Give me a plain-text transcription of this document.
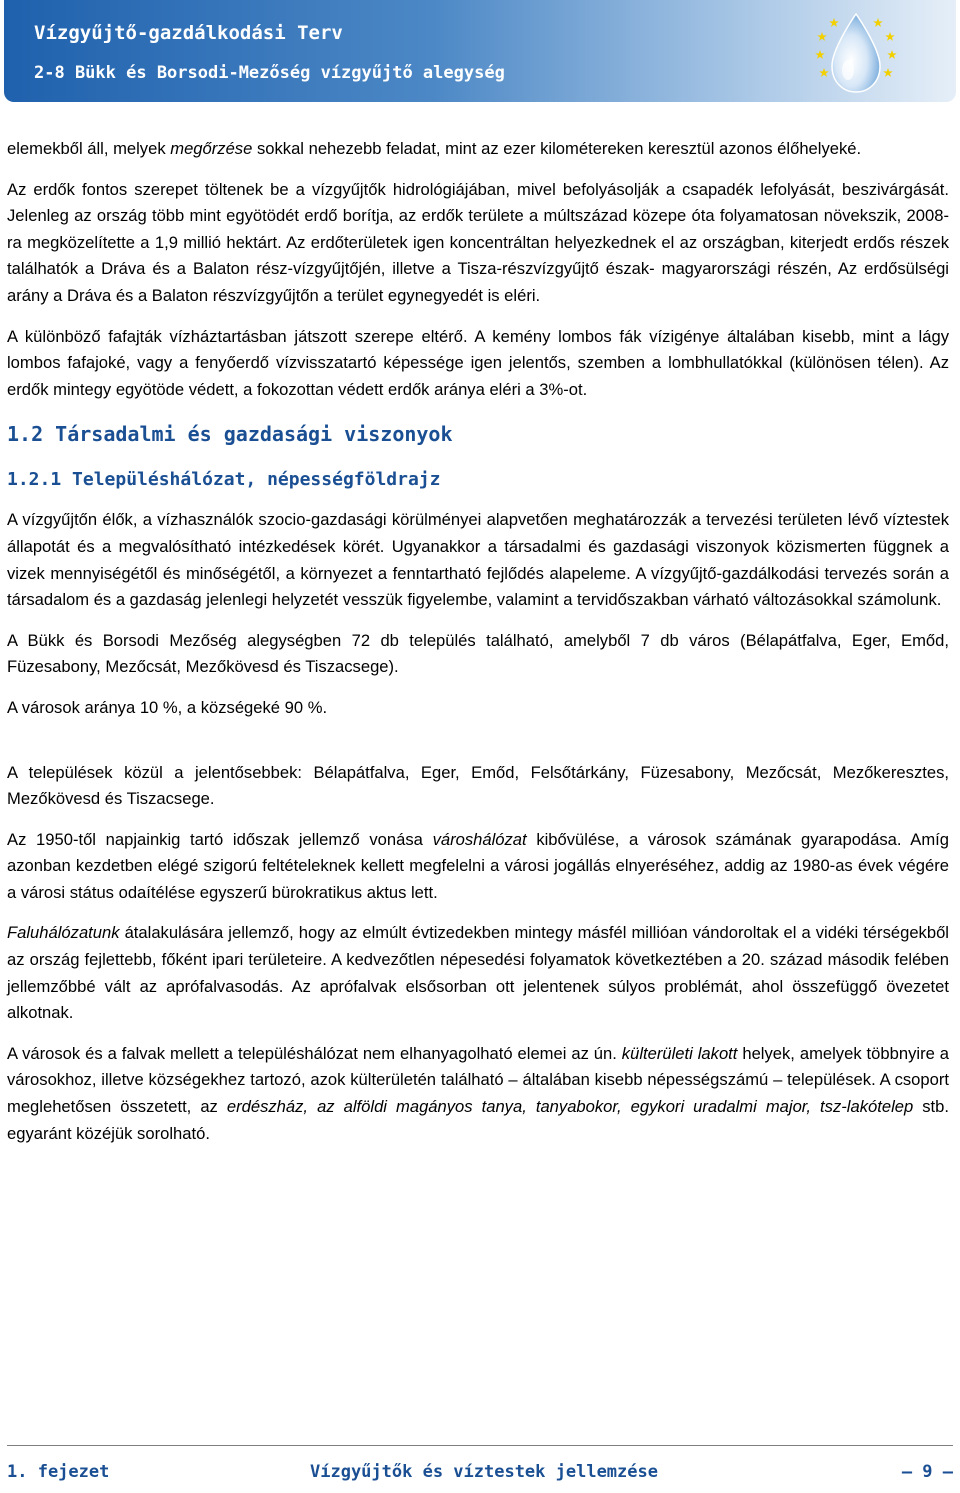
Vízgyűjtő-gazdálkodási Terv
2-8 Bükk és Borsodi-Mezőség vízgyűjtő alegység

elemekből áll, melyek megőrzése sokkal nehezebb feladat, mint az ezer kilométereken keresztül azonos élőhelyeké.

Az erdők fontos szerepet töltenek be a vízgyűjtők hidrológiájában, mivel befolyásolják a csapadék lefolyását, beszivárgását. Jelenleg az ország több mint egyötödét erdő borítja, az erdők területe a múltszázad közepe óta folyamatosan növekszik, 2008-ra megközelítette a 1,9 millió hektárt. Az erdőterületek igen koncentráltan helyezkednek el az országban, kiterjedt erdős részek találhatók a Dráva és a Balaton rész-vízgyűjtőjén, illetve a Tisza-részvízgyűjtő észak- magyarországi részén, Az erdősülségi arány a Dráva és a Balaton részvízgyűjtőn a terület egynegyedét is eléri.

A különböző fafajták vízháztartásban játszott szerepe eltérő. A kemény lombos fák vízigénye általában kisebb, mint a lágy lombos fafajoké, vagy a fenyőerdő vízvisszatartó képessége igen jelentős, szemben a lombhullatókkal (különösen télen). Az erdők mintegy egyötöde védett, a fokozottan védett erdők aránya eléri a 3%-ot.

1.2 Társadalmi és gazdasági viszonyok
1.2.1 Településhálózat, népességföldrajz

A vízgyűjtőn élők, a vízhasználók szocio-gazdasági körülményei alapvetően meghatározzák a tervezési területen lévő víztestek állapotát és a megvalósítható intézkedések körét. Ugyanakkor a társadalmi és gazdasági viszonyok közismerten függnek a vizek mennyiségétől és minőségétől, a környezet a fenntartható fejlődés alapeleme. A vízgyűjtő-gazdálkodási tervezés során a társadalom és a gazdaság jelenlegi helyzetét vesszük figyelembe, valamint a tervidőszakban várható változásokkal számolunk.

A Bükk és Borsodi Mezőség alegységben 72 db település található, amelyből 7 db város (Bélapátfalva, Eger, Emőd, Füzesabony, Mezőcsát, Mezőkövesd és Tiszacsege).

A városok aránya 10 %, a községeké 90 %.

A települések közül a jelentősebbek: Bélapátfalva, Eger, Emőd, Felsőtárkány, Füzesabony, Mezőcsát, Mezőkeresztes, Mezőkövesd és Tiszacsege.

Az 1950-től napjainkig tartó időszak jellemző vonása városhálózat kibővülése, a városok számának gyarapodása. Amíg azonban kezdetben elégé szigorú feltételeknek kellett megfelelni a városi jogállás elnyeréséhez, addig az 1980-as évek végére a városi státus odaítélése egyszerű bürokratikus aktus lett.

Faluhálózatunk átalakulására jellemző, hogy az elmúlt évtizedekben mintegy másfél millióan vándoroltak el a vidéki térségekből az ország fejlettebb, főként ipari területeire. A kedvezőtlen népesedési folyamatok következtében a 20. század második felében jellemzőbbé vált az aprófalvasodás. Az aprófalvak elsősorban ott jelentenek súlyos problémát, ahol összefüggő övezetet alkotnak.

A városok és a falvak mellett a településhálózat nem elhanyagolható elemei az ún. külterületi lakott helyek, amelyek többnyire a városokhoz, illetve községekhez tartozó, azok külterületén található – általában kisebb népességszámú – települések. A csoport meglehetősen összetett, az erdészház, az alföldi magányos tanya, tanyabokor, egykori uradalmi major, tsz-lakótelep stb. egyaránt közéjük sorolható.

1. fejezet	Vízgyűjtők és víztestek jellemzése	– 9 –
